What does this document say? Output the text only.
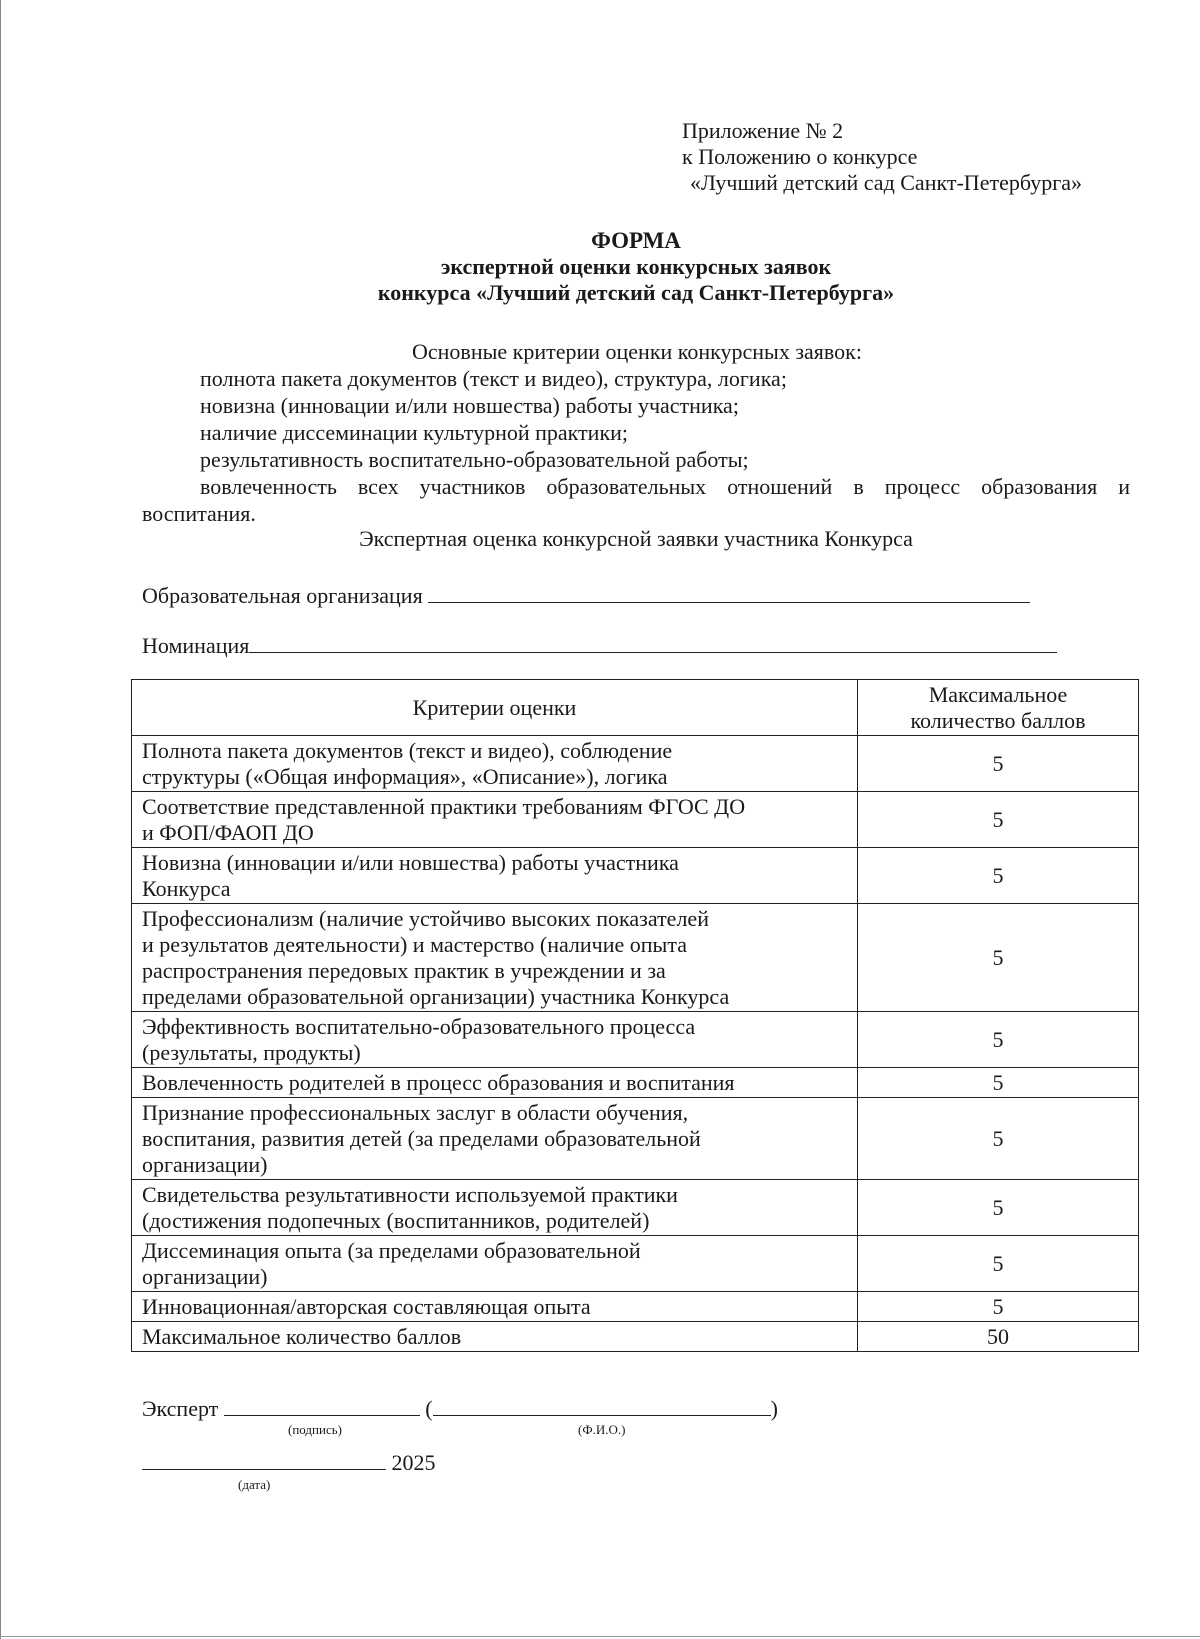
Приложение № 2
к Положению о конкурсе
«Лучший детский сад Санкт-Петербурга»
ФОРМА
экспертной оценки конкурсных заявок
конкурса «Лучший детский сад Санкт-Петербурга»
Основные критерии оценки конкурсных заявок:
полнота пакета документов (текст и видео), структура, логика;
новизна (инновации и/или новшества) работы участника;
наличие диссеминации культурной практики;
результативность воспитательно-образовательной работы;
вовлеченность всех участников образовательных отношений в процесс образования и
воспитания.
Экспертная оценка конкурсной заявки участника Конкурса
Образовательная организация
Номинация
Критерии оценки	Максимальное
количество баллов

Полнота пакета документов (текст и видео), соблюдение
структуры («Общая информация», «Описание»), логика	5

Соответствие представленной практики требованиям ФГОС ДО
и ФОП/ФАОП ДО	5

Новизна (инновации и/или новшества) работы участника
Конкурса	5

Профессионализм (наличие устойчиво высоких показателей
и результатов деятельности) и мастерство (наличие опыта
распространения передовых практик в учреждении и за
пределами образовательной организации) участника Конкурса	5

Эффективность воспитательно-образовательного процесса
(результаты, продукты)	5

Вовлеченность родителей в процесс образования и воспитания	5

Признание профессиональных заслуг в области обучения,
воспитания, развития детей (за пределами образовательной
организации)	5

Свидетельства результативности используемой практики
(достижения подопечных (воспитанников, родителей)	5

Диссеминация опыта (за пределами образовательной
организации)	5

Инновационная/авторская составляющая опыта	5
Максимальное количество баллов	50
Эксперт	(	)
(подпись)	(Ф.И.О.)
2025
(дата)
